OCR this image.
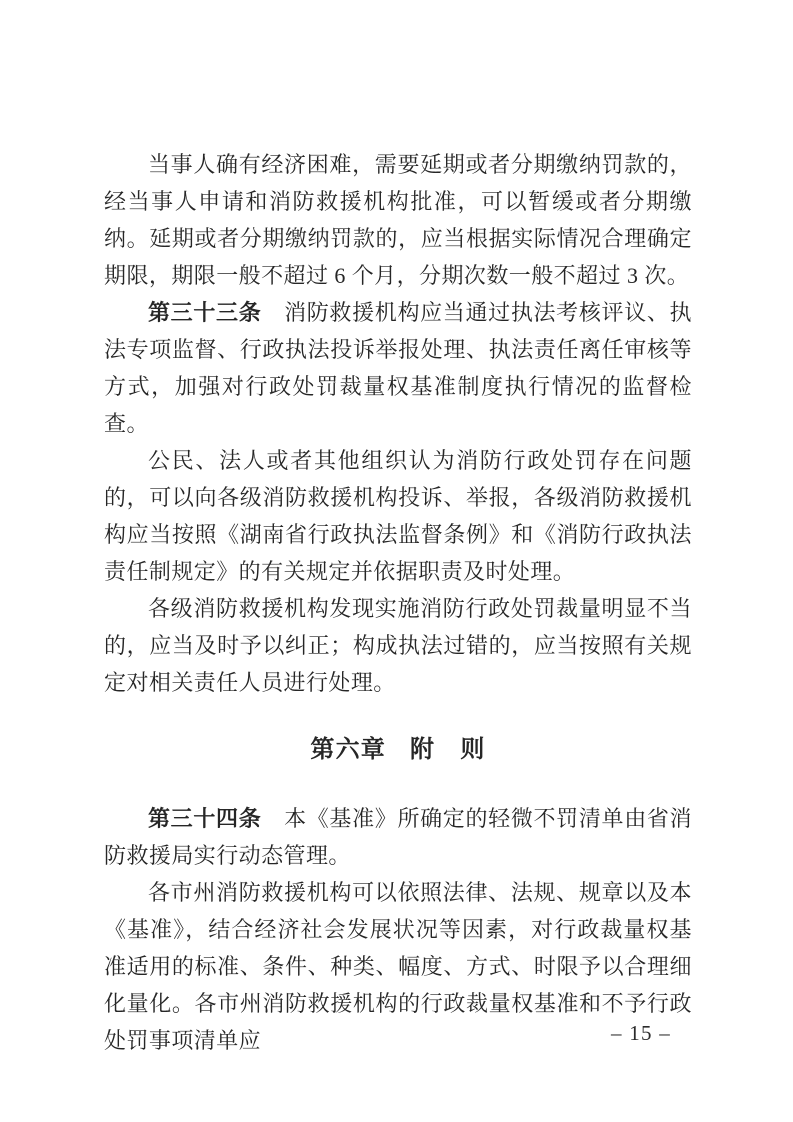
当事人确有经济困难，需要延期或者分期缴纳罚款的，经当事人申请和消防救援机构批准，可以暂缓或者分期缴纳。延期或者分期缴纳罚款的，应当根据实际情况合理确定期限，期限一般不超过 6 个月，分期次数一般不超过 3 次。

第三十三条　消防救援机构应当通过执法考核评议、执法专项监督、行政执法投诉举报处理、执法责任离任审核等方式，加强对行政处罚裁量权基准制度执行情况的监督检查。

公民、法人或者其他组织认为消防行政处罚存在问题的，可以向各级消防救援机构投诉、举报，各级消防救援机构应当按照《湖南省行政执法监督条例》和《消防行政执法责任制规定》的有关规定并依据职责及时处理。

各级消防救援机构发现实施消防行政处罚裁量明显不当的，应当及时予以纠正；构成执法过错的，应当按照有关规定对相关责任人员进行处理。

第六章 附　则

第三十四条　本《基准》所确定的轻微不罚清单由省消防救援局实行动态管理。

各市州消防救援机构可以依照法律、法规、规章以及本《基准》，结合经济社会发展状况等因素，对行政裁量权基准适用的标准、条件、种类、幅度、方式、时限予以合理细化量化。各市州消防救援机构的行政裁量权基准和不予行政处罚事项清单应	– 15 –
